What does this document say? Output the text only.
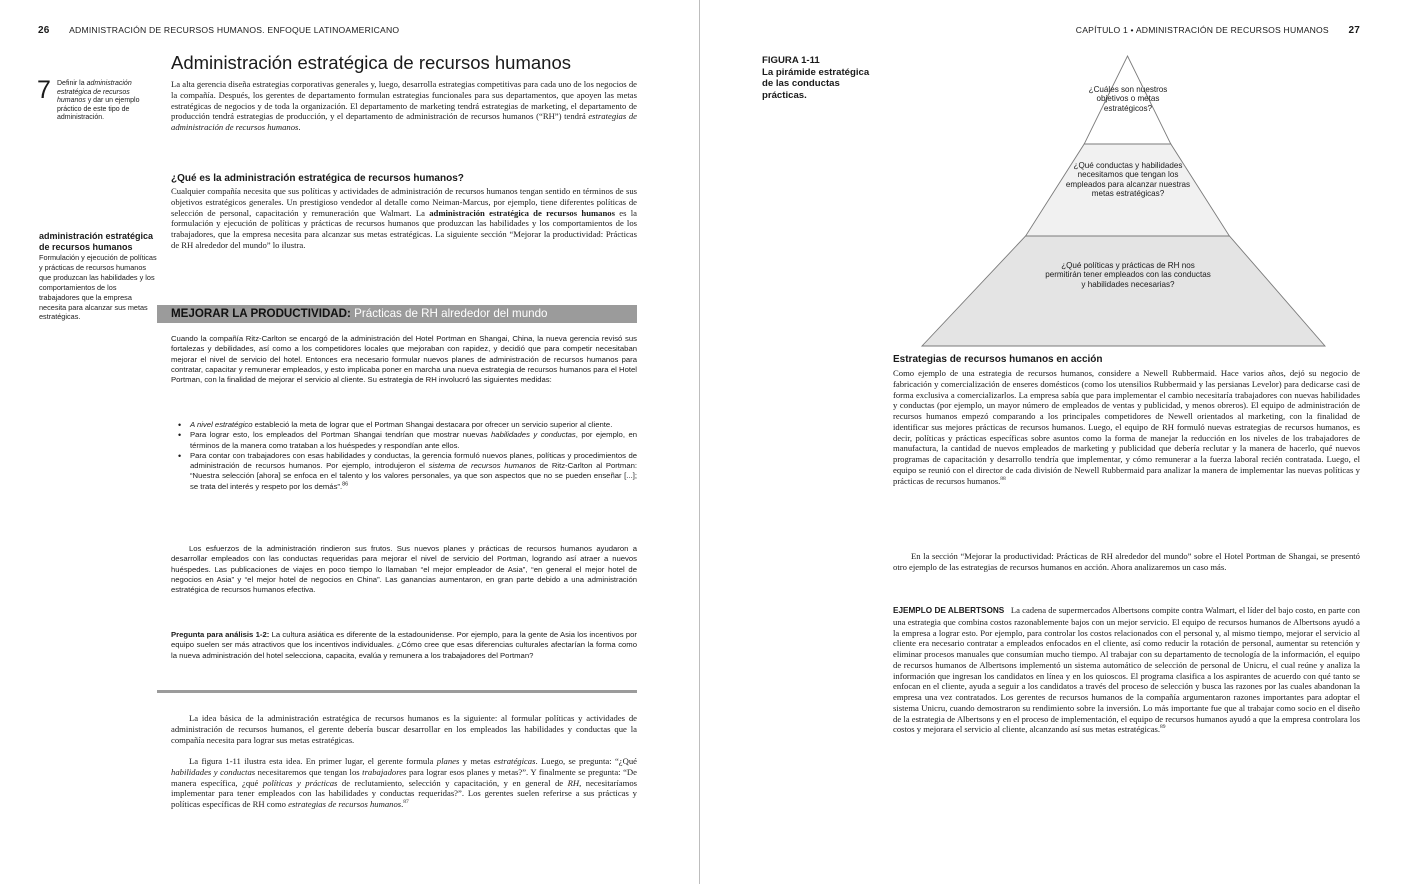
26 ADMINISTRACIÓN DE RECURSOS HUMANOS. ENFOQUE LATINOAMERICANO
7 Definir la administración estratégica de recursos humanos y dar un ejemplo práctico de este tipo de administración.
administración estratégica de recursos humanos
Formulación y ejecución de políticas y prácticas de recursos humanos que produzcan las habilidades y los comportamientos de los trabajadores que la empresa necesita para alcanzar sus metas estratégicas.
Administración estratégica de recursos humanos

La alta gerencia diseña estrategias corporativas generales y, luego, desarrolla estrategias competitivas para cada uno de los negocios de la compañía. Después, los gerentes de departamento formulan estrategias funcionales para sus departamentos, que apoyen las metas estratégicas de negocios y de toda la organización. El departamento de marketing tendrá estrategias de marketing, el departamento de producción tendrá estrategias de producción, y el departamento de administración de recursos humanos (“RH”) tendrá estrategias de administración de recursos humanos.

¿Qué es la administración estratégica de recursos humanos?

Cualquier compañía necesita que sus políticas y actividades de administración de recursos humanos tengan sentido en términos de sus objetivos estratégicos generales. Un prestigioso vendedor al detalle como Neiman-Marcus, por ejemplo, tiene diferentes políticas de selección de personal, capacitación y remuneración que Walmart. La administración estratégica de recursos humanos es la formulación y ejecución de políticas y prácticas de recursos humanos que produzcan las habilidades y los comportamientos de los trabajadores, que la empresa necesita para alcanzar sus metas estratégicas. La siguiente sección “Mejorar la productividad: Prácticas de RH alrededor del mundo” lo ilustra.

MEJORAR LA PRODUCTIVIDAD: Prácticas de RH alrededor del mundo

Cuando la compañía Ritz-Carlton se encargó de la administración del Hotel Portman en Shangai, China, la nueva gerencia revisó sus fortalezas y debilidades, así como a los competidores locales que mejoraban con rapidez, y decidió que para competir necesitaban mejorar el nivel de servicio del hotel. Entonces era necesario formular nuevos planes de administración de recursos humanos para contratar, capacitar y remunerar empleados, y esto implicaba poner en marcha una nueva estrategia de recursos humanos para el Hotel Portman, con la finalidad de mejorar el servicio al cliente. Su estrategia de RH involucró las siguientes medidas:

• A nivel estratégico estableció la meta de lograr que el Portman Shangai destacara por ofrecer un servicio superior al cliente.
• Para lograr esto, los empleados del Portman Shangai tendrían que mostrar nuevas habilidades y conductas, por ejemplo, en términos de la manera como trataban a los huéspedes y respondían ante ellos.
• Para contar con trabajadores con esas habilidades y conductas, la gerencia formuló nuevos planes, políticas y procedimientos de administración de recursos humanos. Por ejemplo, introdujeron el sistema de recursos humanos de Ritz-Carlton al Portman: “Nuestra selección [ahora] se enfoca en el talento y los valores personales, ya que son aspectos que no se pueden enseñar [...]; se trata del interés y respeto por los demás”.$^{86}$

Los esfuerzos de la administración rindieron sus frutos. Sus nuevos planes y prácticas de recursos humanos ayudaron a desarrollar empleados con las conductas requeridas para mejorar el nivel de servicio del Portman, logrando así atraer a nuevos huéspedes. Las publicaciones de viajes en poco tiempo lo llamaban “el mejor empleador de Asia”, “en general el mejor hotel de negocios en Asia” y “el mejor hotel de negocios en China”. Las ganancias aumentaron, en gran parte debido a una administración estratégica de recursos humanos efectiva.

Pregunta para análisis 1-2: La cultura asiática es diferente de la estadounidense. Por ejemplo, para la gente de Asia los incentivos por equipo suelen ser más atractivos que los incentivos individuales. ¿Cómo cree que esas diferencias culturales afectarían la forma como la nueva administración del hotel selecciona, capacita, evalúa y remunera a los trabajadores del Portman?

La idea básica de la administración estratégica de recursos humanos es la siguiente: al formular políticas y actividades de administración de recursos humanos, el gerente debería buscar desarrollar en los empleados las habilidades y conductas que la compañía necesita para lograr sus metas estratégicas.

La figura 1-11 ilustra esta idea. En primer lugar, el gerente formula planes y metas estratégicas. Luego, se pregunta: “¿Qué habilidades y conductas necesitaremos que tengan los trabajadores para lograr esos planes y metas?”. Y finalmente se pregunta: “De manera específica, ¿qué políticas y prácticas de reclutamiento, selección y capacitación, y en general de RH, necesitaríamos implementar para tener empleados con las habilidades y conductas requeridas?”. Los gerentes suelen referirse a sus prácticas y políticas específicas de RH como estrategias de recursos humanos.$^{87}$

CAPÍTULO 1 • ADMINISTRACIÓN DE RECURSOS HUMANOS 27
FIGURA 1-11
La pirámide estratégica de las conductas prácticas.	¿Cuáles son nuestros objetivos o metas estratégicos?
¿Qué conductas y habilidades necesitamos que tengan los empleados para alcanzar nuestras metas estratégicas?
¿Qué políticas y prácticas de RH nos permitirán tener empleados con las conductas y habilidades necesarias?
Estrategias de recursos humanos en acción

Como ejemplo de una estrategia de recursos humanos, considere a Newell Rubbermaid. Hace varios años, dejó su negocio de fabricación y comercialización de enseres domésticos (como los utensilios Rubbermaid y las persianas Levelor) para dedicarse casi de forma exclusiva a comercializarlos. La empresa sabía que para implementar el cambio necesitaría trabajadores con nuevas habilidades y conductas (por ejemplo, un mayor número de empleados de ventas y publicidad, y menos obreros). El equipo de administración de recursos humanos empezó comparando a los principales competidores de Newell orientados al marketing, con la finalidad de identificar sus mejores prácticas de recursos humanos. Luego, el equipo de RH formuló nuevas estrategias de recursos humanos, es decir, políticas y prácticas específicas sobre asuntos como la forma de manejar la reducción en los niveles de los trabajadores de manufactura, la cantidad de nuevos empleados de marketing y publicidad que debería reclutar y la manera de hacerlo, qué nuevos programas de capacitación y desarrollo tendría que implementar, y cómo remunerar a la fuerza laboral recién contratada. Luego, el equipo se reunió con el director de cada división de Newell Rubbermaid para analizar la manera de implementar las nuevas políticas y prácticas de recursos humanos.$^{88}$

En la sección “Mejorar la productividad: Prácticas de RH alrededor del mundo” sobre el Hotel Portman de Shangai, se presentó otro ejemplo de las estrategias de recursos humanos en acción. Ahora analizaremos un caso más.

EJEMPLO DE ALBERTSONS La cadena de supermercados Albertsons compite contra Walmart, el líder del bajo costo, en parte con una estrategia que combina costos razonablemente bajos con un mejor servicio. El equipo de recursos humanos de Albertsons ayudó a la empresa a lograr esto. Por ejemplo, para controlar los costos relacionados con el personal y, al mismo tiempo, mejorar el servicio al cliente era necesario contratar a empleados enfocados en el cliente, así como reducir la rotación de personal, aumentar su retención y eliminar procesos manuales que consumían mucho tiempo. Al trabajar con su departamento de tecnología de la información, el equipo de recursos humanos de Albertsons implementó un sistema automático de selección de personal de Unicru, el cual reúne y analiza la información que ingresan los candidatos en línea y en los quioscos. El programa clasifica a los aspirantes de acuerdo con qué tanto se enfocan en el cliente, ayuda a seguir a los candidatos a través del proceso de selección y busca las razones por las cuales abandonan la empresa una vez contratados. Los gerentes de recursos humanos de la compañía argumentaron razones importantes para adoptar el sistema Unicru, cuando demostraron su rendimiento sobre la inversión. Lo más importante fue que al trabajar como socio en el diseño de la estrategia de Albertsons y en el proceso de implementación, el equipo de recursos humanos ayudó a que la empresa controlara los costos y mejorara el servicio al cliente, alcanzando así sus metas estratégicas.$^{89}$
